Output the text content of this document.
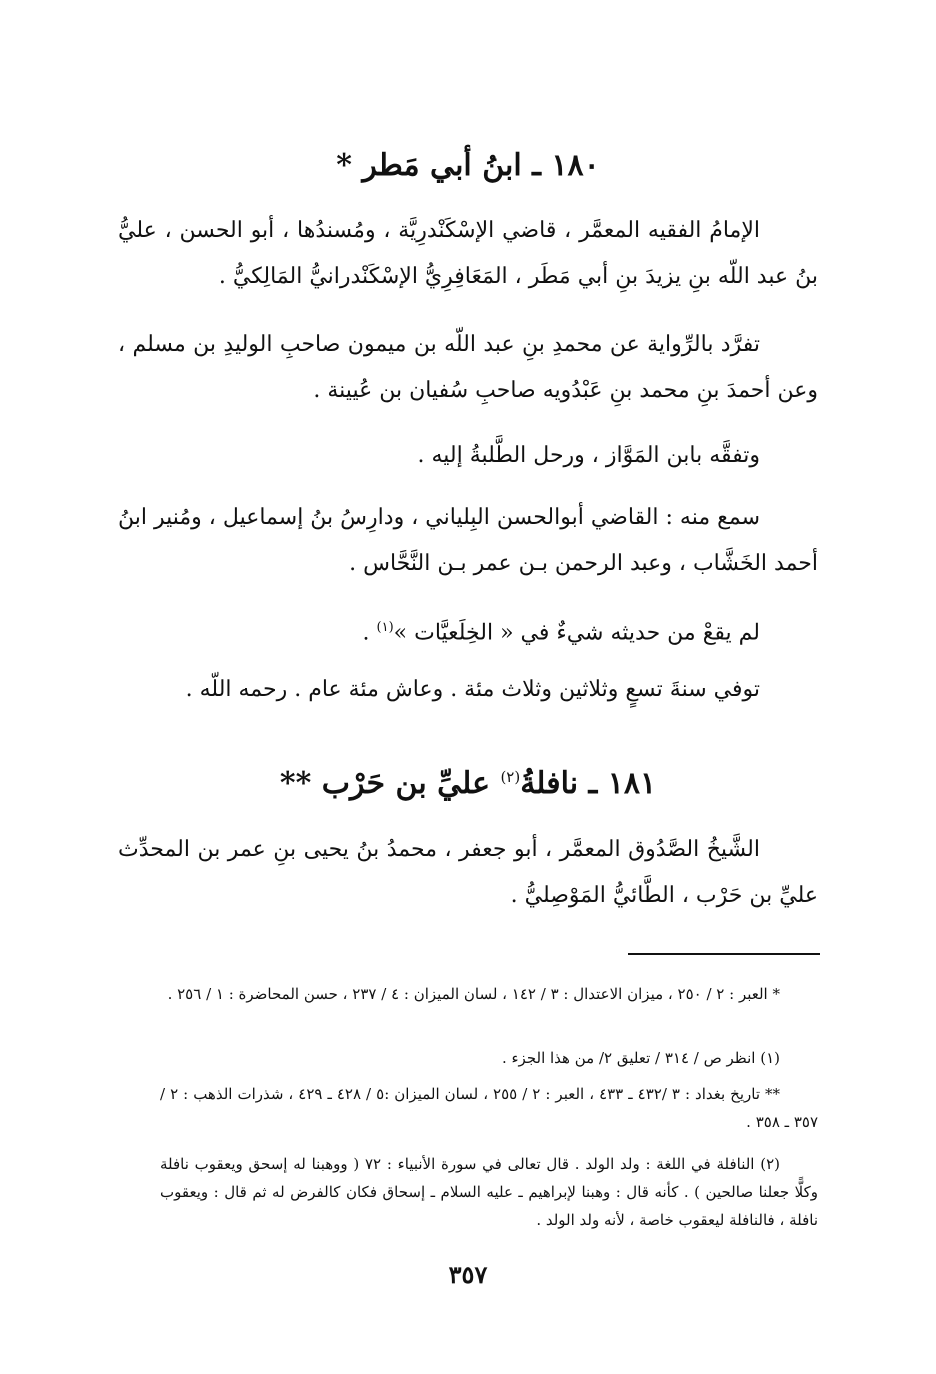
١٨٠ ـ ابنُ أبي مَطر *
الإمامُ الفقيه المعمَّر ، قاضي الإسْكَنْدرِيَّة ، ومُسندُها ، أبو الحسن ، عليُّ بنُ عبد اللّه بنِ يزيدَ بنِ أبي مَطَر ، المَعَافِرِيُّ الإسْكَنْدرانيُّ المَالِكيُّ .
تفرَّد بالرِّواية عن محمدِ بنِ عبد اللّه بن ميمون صاحبِ الوليدِ بن مسلم ، وعن أحمدَ بنِ محمد بنِ عَبْدُويه صاحبِ سُفيان بن عُيينة .
وتفقَّه بابن المَوَّاز ، ورحل الطَّلبةُ إليه .
سمع منه : القاضي أبوالحسن البِلياني ، ودارِسُ بنُ إسماعيل ، ومُنير ابنُ أحمد الخَشَّاب ، وعبد الرحمن بـن عمر بـن النَّحَّاس .
لم يقعْ من حديثه شيءٌ في « الخِلَعيَّات »$^{(١)}$ .
توفي سنةَ تسعٍ وثلاثين وثلاث مئة . وعاش مئة عام . رحمه اللّه .
١٨١ ـ نافلةُ$^{(٢)}$ عليِّ بن حَرْب **
الشَّيخُ الصَّدُوق المعمَّر ، أبو جعفر ، محمدُ بنُ يحيى بنِ عمر بن المحدِّث عليِّ بن حَرْب ، الطَّائيُّ المَوْصِليُّ .
* العبر : ٢ / ٢٥٠ ، ميزان الاعتدال : ٣ / ١٤٢ ، لسان الميزان : ٤ / ٢٣٧ ، حسن المحاضرة : ١ / ٢٥٦ .
(١) انظر ص / ٣١٤ / تعليق ٢/ من هذا الجزء .
** تاريخ بغداد : ٣ /٤٣٢ ـ ٤٣٣ ، العبر : ٢ / ٢٥٥ ، لسان الميزان :٥ / ٤٢٨ ـ ٤٢٩ ، شذرات الذهب : ٢ / ٣٥٧ ـ ٣٥٨ .
(٢) النافلة في اللغة : ولد الولد . قال تعالى في سورة الأنبياء : ٧٢ ( ووهبنا له إسحق ويعقوب نافلة وكلًّا جعلنا صالحين ) . كأنه قال : وهبنا لإبراهيم ـ عليه السلام ـ إسحاق فكان كالفرض له ثم قال : ويعقوب نافلة ، فالنافلة ليعقوب خاصة ، لأنه ولد الولد .
٣٥٧
